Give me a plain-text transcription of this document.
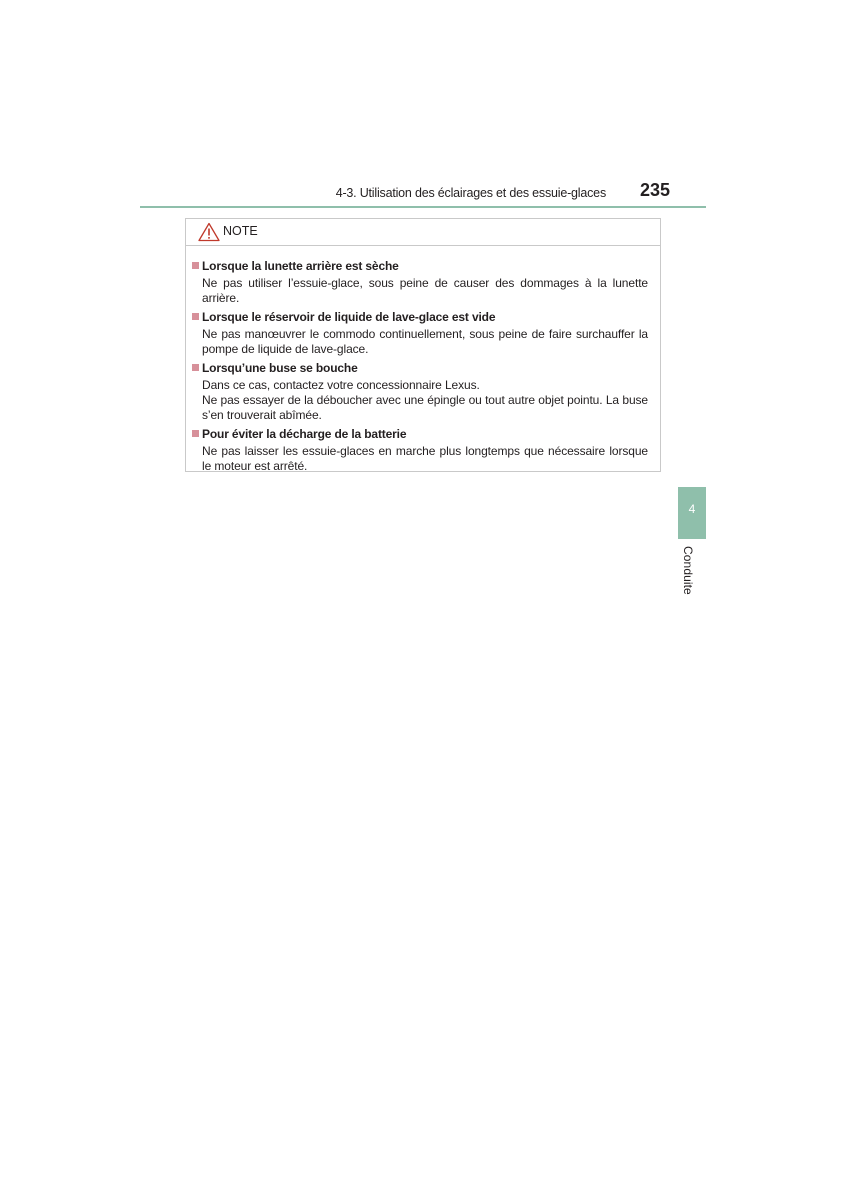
4-3. Utilisation des éclairages et des essuie-glaces 235
NOTE
Lorsque la lunette arrière est sèche

Ne pas utiliser l’essuie-glace, sous peine de causer des dommages à la lunette arrière.

Lorsque le réservoir de liquide de lave-glace est vide

Ne pas manœuvrer le commodo continuellement, sous peine de faire surchauffer la pompe de liquide de lave-glace.

Lorsqu’une buse se bouche

Dans ce cas, contactez votre concessionnaire Lexus.

Ne pas essayer de la déboucher avec une épingle ou tout autre objet pointu. La buse s’en trouverait abîmée.

Pour éviter la décharge de la batterie

Ne pas laisser les essuie-glaces en marche plus longtemps que nécessaire lorsque le moteur est arrêté.

4
Conduite
